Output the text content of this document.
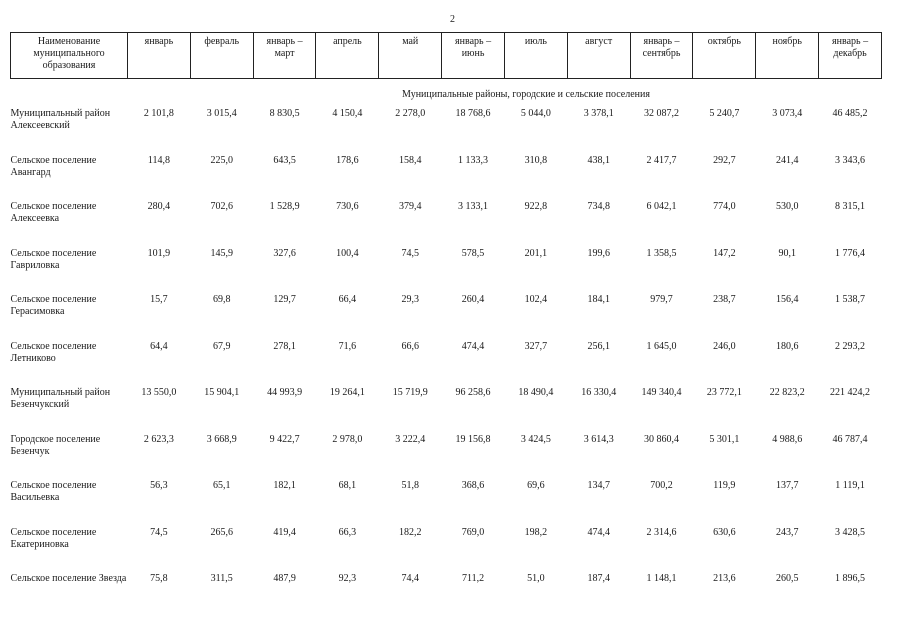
2
Наименование муниципального образования	январь	февраль	январь – март	апрель	май	январь – июнь	июль	август	январь – сентябрь	октябрь	ноябрь	январь – декабрь
Муниципальные районы, городские и сельские поселения												
Муниципальный район Алексеевский	2 101,8	3 015,4	8 830,5	4 150,4	2 278,0	18 768,6	5 044,0	3 378,1	32 087,2	5 240,7	3 073,4	46 485,2
Сельское поселение Авангард	114,8	225,0	643,5	178,6	158,4	1 133,3	310,8	438,1	2 417,7	292,7	241,4	3 343,6
Сельское поселение Алексеевка	280,4	702,6	1 528,9	730,6	379,4	3 133,1	922,8	734,8	6 042,1	774,0	530,0	8 315,1
Сельское поселение Гавриловка	101,9	145,9	327,6	100,4	74,5	578,5	201,1	199,6	1 358,5	147,2	90,1	1 776,4
Сельское поселение Герасимовка	15,7	69,8	129,7	66,4	29,3	260,4	102,4	184,1	979,7	238,7	156,4	1 538,7
Сельское поселение Летниково	64,4	67,9	278,1	71,6	66,6	474,4	327,7	256,1	1 645,0	246,0	180,6	2 293,2
Муниципальный район Безенчукский	13 550,0	15 904,1	44 993,9	19 264,1	15 719,9	96 258,6	18 490,4	16 330,4	149 340,4	23 772,1	22 823,2	221 424,2
Городское поселение Безенчук	2 623,3	3 668,9	9 422,7	2 978,0	3 222,4	19 156,8	3 424,5	3 614,3	30 860,4	5 301,1	4 988,6	46 787,4
Сельское поселение Васильевка	56,3	65,1	182,1	68,1	51,8	368,6	69,6	134,7	700,2	119,9	137,7	1 119,1
Сельское поселение Екатериновка	74,5	265,6	419,4	66,3	182,2	769,0	198,2	474,4	2 314,6	630,6	243,7	3 428,5
Сельское поселение Звезда	75,8	311,5	487,9	92,3	74,4	711,2	51,0	187,4	1 148,1	213,6	260,5	1 896,5
